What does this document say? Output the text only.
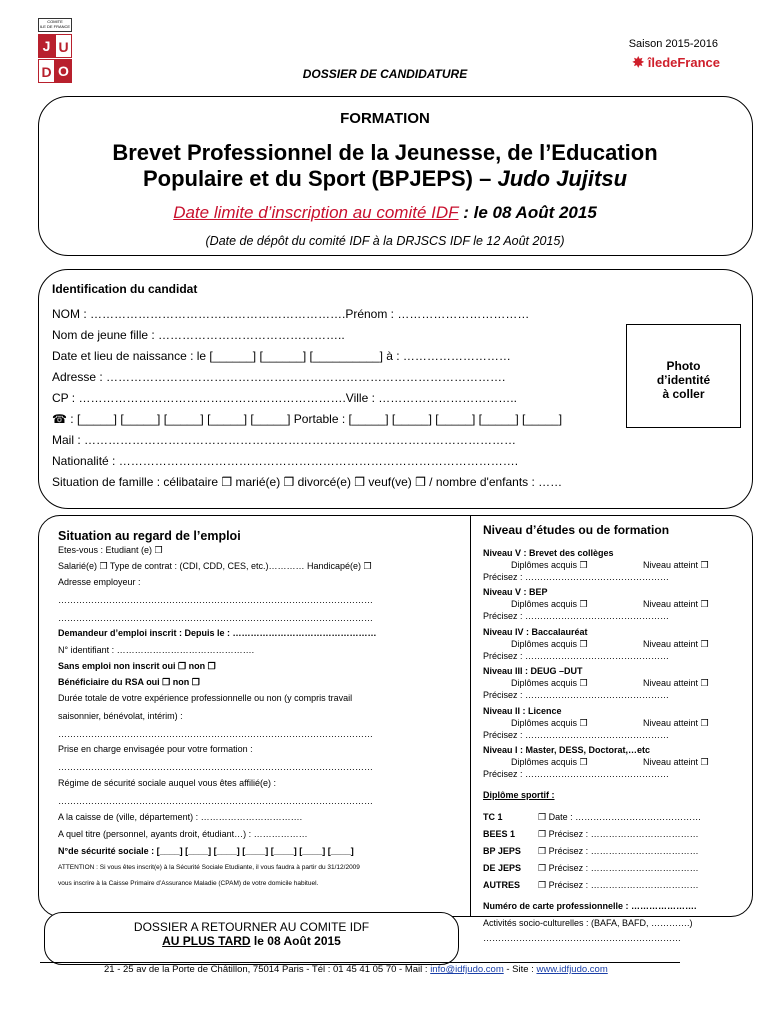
COMITE
ILE DE FRANCE
J U
D O
Saison 2015-2016
✸ îledeFrance
DOSSIER DE CANDIDATURE
FORMATION
Brevet Professionnel de la Jeunesse, de l’Education
Populaire et du Sport (BPJEPS) – Judo Jujitsu
Date limite d’inscription au comité IDF : le 08 Août 2015
(Date de dépôt du comité IDF à la DRJSCS IDF le 12 Août 2015)
Identification du candidat
NOM : ……………………………………………………….Prénom : ……………………………
Nom de jeune fille : ………………………………………..
Date et lieu de naissance : le [______] [______] [__________] à : ………………………
Adresse : ……………………………………………………………………………………….
CP : ………………………………………………………….Ville : ……………………………..
☎ : [_____] [_____] [_____] [_____] [_____] Portable : [_____] [_____] [_____] [_____] [_____]
Mail : ………………………………………………………………………………………………
Nationalité : ……………………………………………………………………………………….
Situation de famille : célibataire ❒ marié(e) ❒ divorcé(e) ❒ veuf(ve) ❒ / nombre d'enfants : ……
Photo
d’identité
à coller
Situation au regard de l’emploi
Etes-vous : Etudiant (e) ❒
Salarié(e) ❒ Type de contrat : (CDI, CDD, CES, etc.)………… Handicapé(e) ❒
Adresse employeur :
……………………………………………………………………………………………
……………………………………………………………………………………………
Demandeur d’emploi inscrit : Depuis le : …………………………………………
N° identifiant : ……………………………………….
Sans emploi non inscrit oui ❒ non ❒
Bénéficiaire du RSA oui ❒ non ❒
Durée totale de votre expérience professionnelle ou non (y compris travail
saisonnier, bénévolat, intérim) :
……………………………………………………………………………………………
Prise en charge envisagée pour votre formation :
……………………………………………………………………………………………
Régime de sécurité sociale auquel vous êtes affilié(e) :
……………………………………………………………………………………………
A la caisse de (ville, département) : …………………………….
A quel titre (personnel, ayants droit, étudiant…) : ………………
N°de sécurité sociale : [____] [____] [____] [____] [____] [____] [____]
ATTENTION : Si vous êtes inscrit(e) à la Sécurité Sociale Etudiante, il vous faudra à partir du 31/12/2009
vous inscrire à la Caisse Primaire d’Assurance Maladie (CPAM) de votre domicile habituel.
Niveau d’études ou de formation
Niveau V : Brevet des collèges
Diplômes acquis ❒	Niveau atteint ❒
Précisez : …………………………………………
Niveau V : BEP
Diplômes acquis ❒	Niveau atteint ❒
Précisez : …………………………………………
Niveau IV : Baccalauréat
Diplômes acquis ❒	Niveau atteint ❒
Précisez : …………………………………………
Niveau III : DEUG –DUT
Diplômes acquis ❒	Niveau atteint ❒
Précisez : …………………………………………
Niveau II : Licence
Diplômes acquis ❒	Niveau atteint ❒
Précisez : …………………………………………
Niveau I : Master, DESS, Doctorat,…etc
Diplômes acquis ❒	Niveau atteint ❒
Précisez : …………………………………………
Diplôme sportif :
TC 1	❒ Date : ……………………………………
BEES 1	❒ Précisez : ………………………………
BP JEPS ❒ Précisez : ………………………………
DE JEPS ❒ Précisez : ………………………………
AUTRES ❒ Précisez : ………………………………
Numéro de carte professionnelle : ………………….
Activités socio-culturelles : (BAFA, BAFD, ………….)
…………………………………………………………
DOSSIER A RETOURNER AU COMITE IDF
AU PLUS TARD le 08 Août 2015
21 - 25 av de la Porte de Châtillon, 75014 Paris - Tél : 01 45 41 05 70 - Mail : info@idfjudo.com - Site : www.idfjudo.com
